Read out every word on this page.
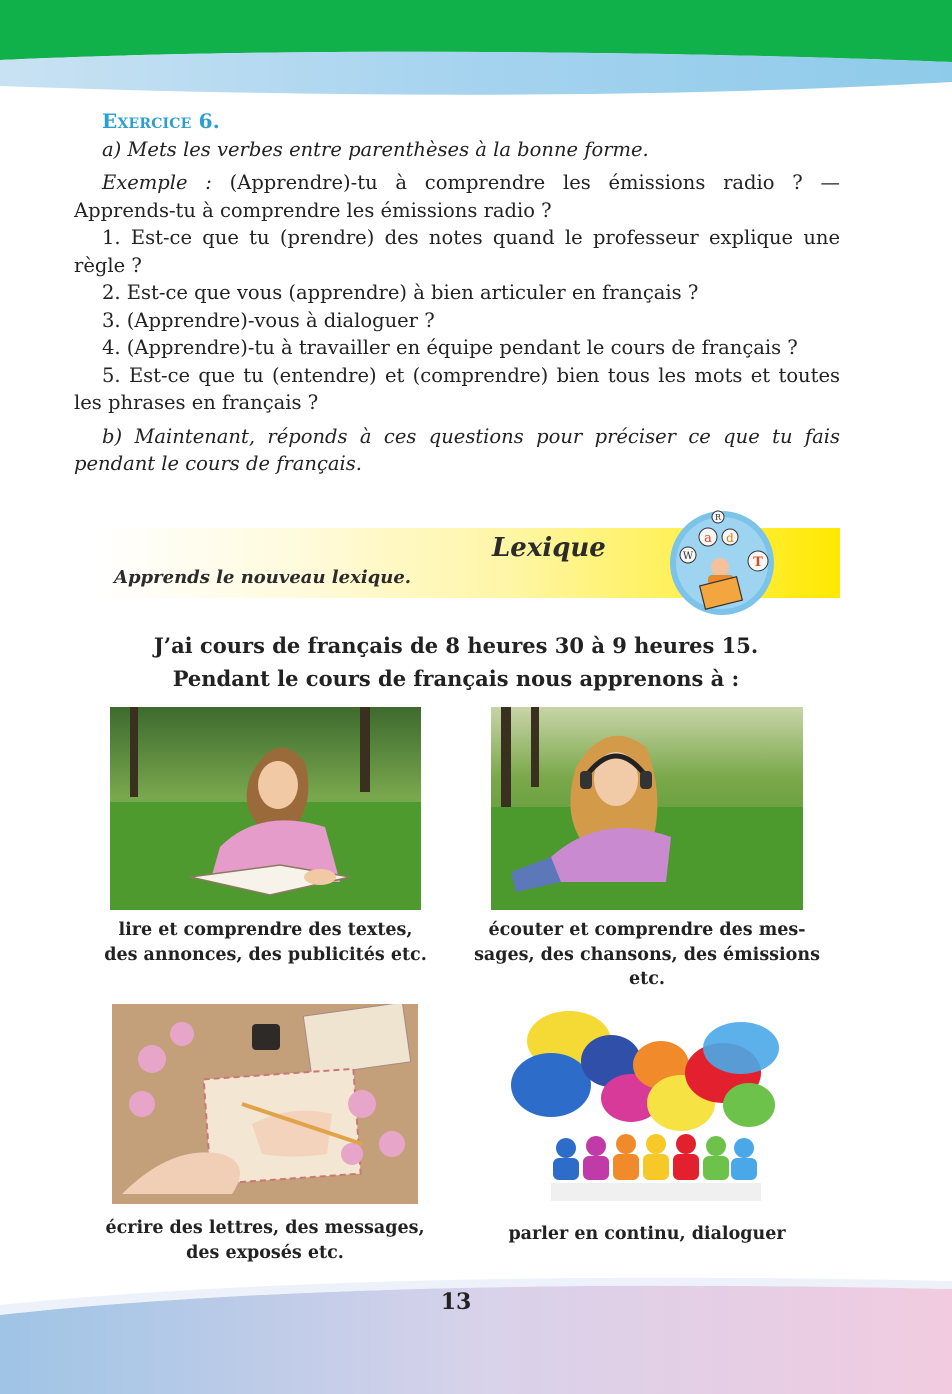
Exercice 6.

a) Mets les verbes entre parenthèses à la bonne forme.

Exemple : (Apprendre)-tu à comprendre les émissions radio ? — Apprends-tu à comprendre les émissions radio ?

1. Est-ce que tu (prendre) des notes quand le professeur explique une règle ?

2. Est-ce que vous (apprendre) à bien articuler en français ?

3. (Apprendre)-vous à dialoguer ?

4. (Apprendre)-tu à travailler en équipe pendant le cours de français ?

5. Est-ce que tu (entendre) et (comprendre) bien tous les mots et toutes les phrases en français ?

b) Maintenant, réponds à ces questions pour préciser ce que tu fais pendant le cours de français.

Lexique
Apprends le nouveau lexique.
a d
T
W
R
J’ai cours de français de 8 heures 30 à 9 heures 15.
Pendant le cours de français nous apprenons à :
lire et comprendre des textes,
des annonces, des publicités etc.
écouter et comprendre des mes-
sages, des chansons, des émissions
etc.
écrire des lettres, des messages,
des exposés etc.
parler en continu, dialoguer
13
